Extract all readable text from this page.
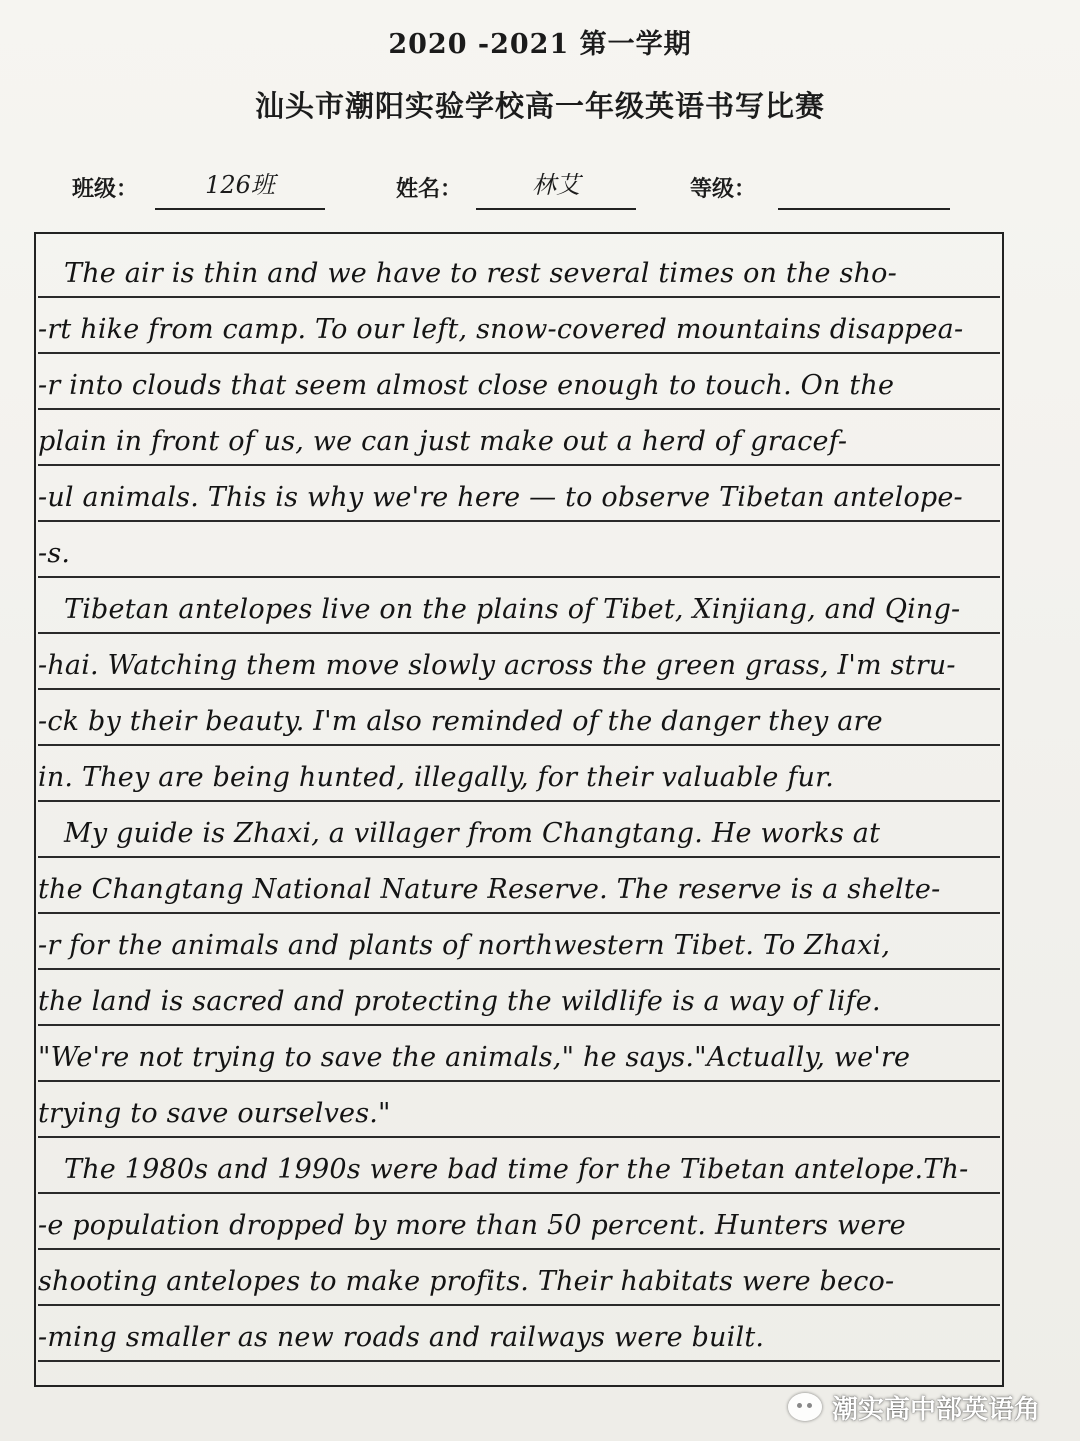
2020 -2021 第一学期
汕头市潮阳实验学校高一年级英语书写比赛
班级：	126班	姓名：	林艾	等级：
The air is thin and we have to rest several times on the sho-
-rt hike from camp. To our left, snow-covered mountains disappea-
-r into clouds that seem almost close enough to touch. On the
plain in front of us, we can just make out a herd of gracef-
-ul animals. This is why we're here — to observe Tibetan antelope-
-s.
Tibetan antelopes live on the plains of Tibet, Xinjiang, and Qing-
-hai. Watching them move slowly across the green grass, I'm stru-
-ck by their beauty. I'm also reminded of the danger they are
in. They are being hunted, illegally, for their valuable fur.
My guide is Zhaxi, a villager from Changtang. He works at
the Changtang National Nature Reserve. The reserve is a shelte-
-r for the animals and plants of northwestern Tibet. To Zhaxi,
the land is sacred and protecting the wildlife is a way of life.
"We're not trying to save the animals," he says."Actually, we're
trying to save ourselves."
The 1980s and 1990s were bad time for the Tibetan antelope.Th-
-e population dropped by more than 50 percent. Hunters were
shooting antelopes to make profits. Their habitats were beco-
-ming smaller as new roads and railways were built.
潮实高中部英语角
